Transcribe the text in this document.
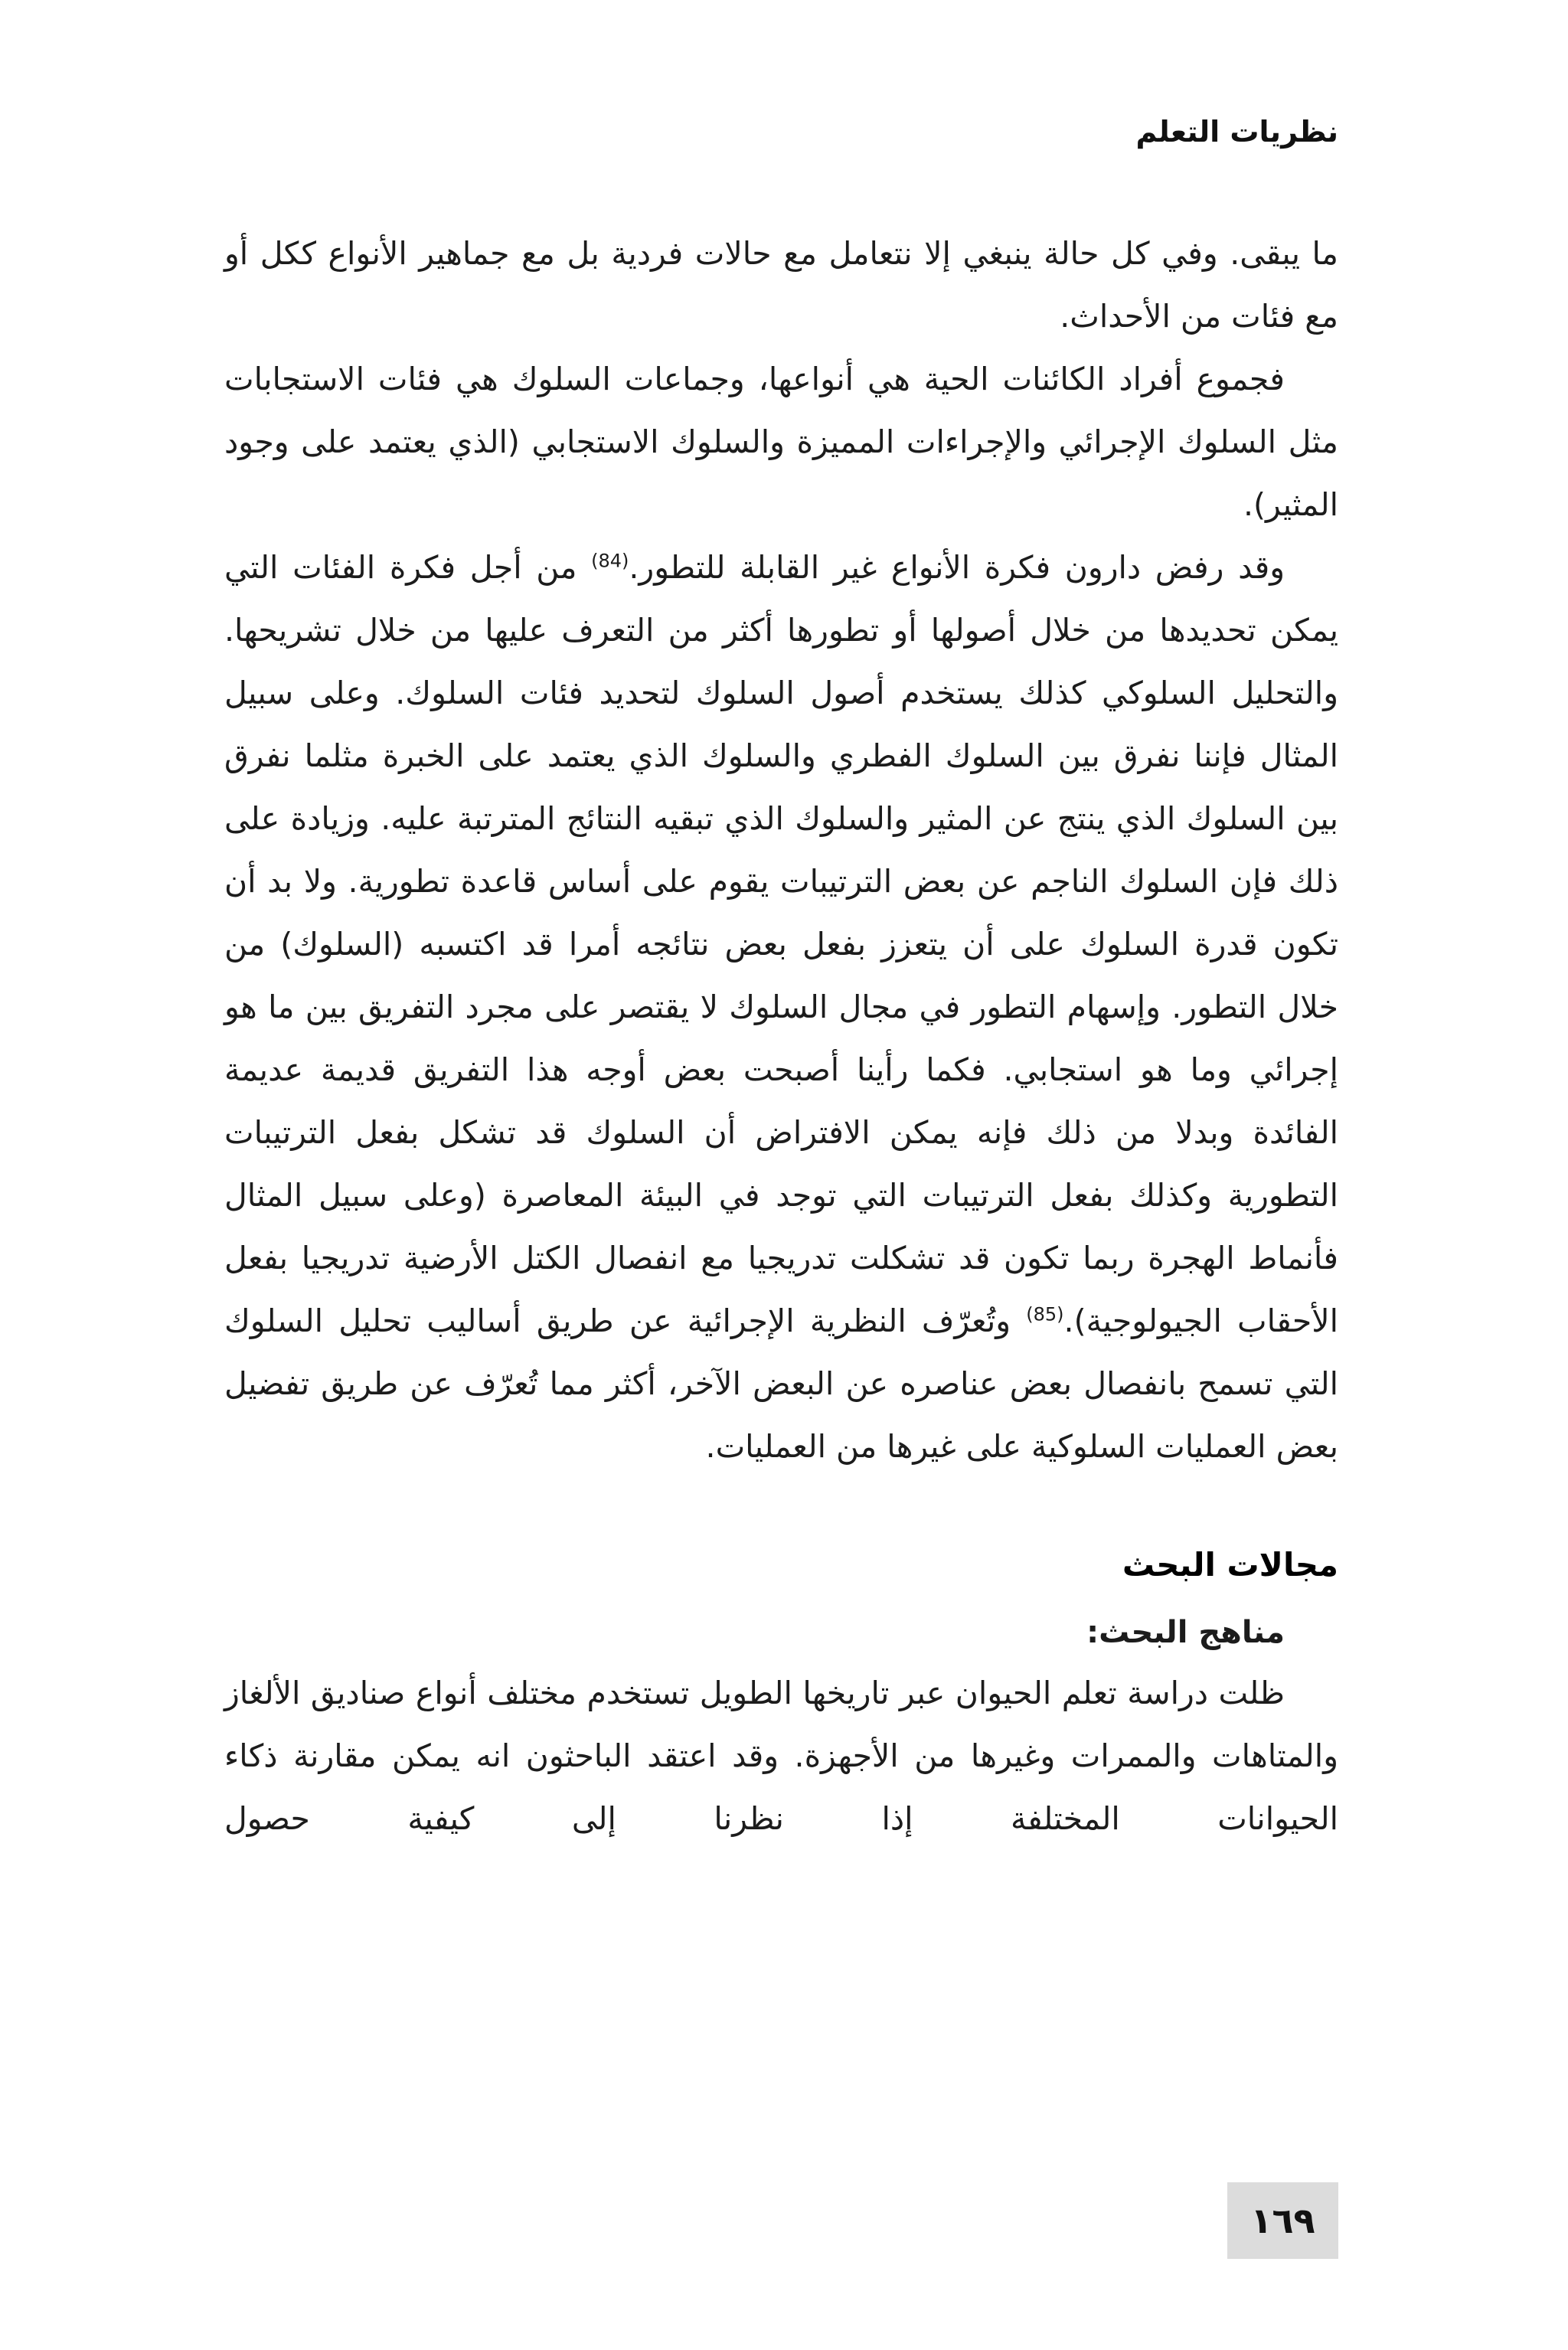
نظريات التعلم

ما يبقى. وفي كل حالة ينبغي إلا نتعامل مع حالات فردية بل مع جماهير الأنواع ككل أو مع فئات من الأحداث.

فجموع أفراد الكائنات الحية هي أنواعها، وجماعات السلوك هي فئات الاستجابات مثل السلوك الإجرائي والإجراءات المميزة والسلوك الاستجابي (الذي يعتمد على وجود المثير).

وقد رفض دارون فكرة الأنواع غير القابلة للتطور.$^{(84)}$ من أجل فكرة الفئات التي يمكن تحديدها من خلال أصولها أو تطورها أكثر من التعرف عليها من خلال تشريحها. والتحليل السلوكي كذلك يستخدم أصول السلوك لتحديد فئات السلوك. وعلى سبيل المثال فإننا نفرق بين السلوك الفطري والسلوك الذي يعتمد على الخبرة مثلما نفرق بين السلوك الذي ينتج عن المثير والسلوك الذي تبقيه النتائج المترتبة عليه. وزيادة على ذلك فإن السلوك الناجم عن بعض الترتيبات يقوم على أساس قاعدة تطورية. ولا بد أن تكون قدرة السلوك على أن يتعزز بفعل بعض نتائجه أمرا قد اكتسبه (السلوك) من خلال التطور. وإسهام التطور في مجال السلوك لا يقتصر على مجرد التفريق بين ما هو إجرائي وما هو استجابي. فكما رأينا أصبحت بعض أوجه هذا التفريق قديمة عديمة الفائدة وبدلا من ذلك فإنه يمكن الافتراض أن السلوك قد تشكل بفعل الترتيبات التطورية وكذلك بفعل الترتيبات التي توجد في البيئة المعاصرة (وعلى سبيل المثال فأنماط الهجرة ربما تكون قد تشكلت تدريجيا مع انفصال الكتل الأرضية تدريجيا بفعل الأحقاب الجيولوجية).$^{(85)}$ وتُعرّف النظرية الإجرائية عن طريق أساليب تحليل السلوك التي تسمح بانفصال بعض عناصره عن البعض الآخر، أكثر مما تُعرّف عن طريق تفضيل بعض العمليات السلوكية على غيرها من العمليات.

مجالات البحث
مناهج البحث:

ظلت دراسة تعلم الحيوان عبر تاريخها الطويل تستخدم مختلف أنواع صناديق الألغاز والمتاهات والممرات وغيرها من الأجهزة. وقد اعتقد الباحثون انه يمكن مقارنة ذكاء الحيوانات المختلفة إذا نظرنا إلى كيفية حصول

١٦٩
